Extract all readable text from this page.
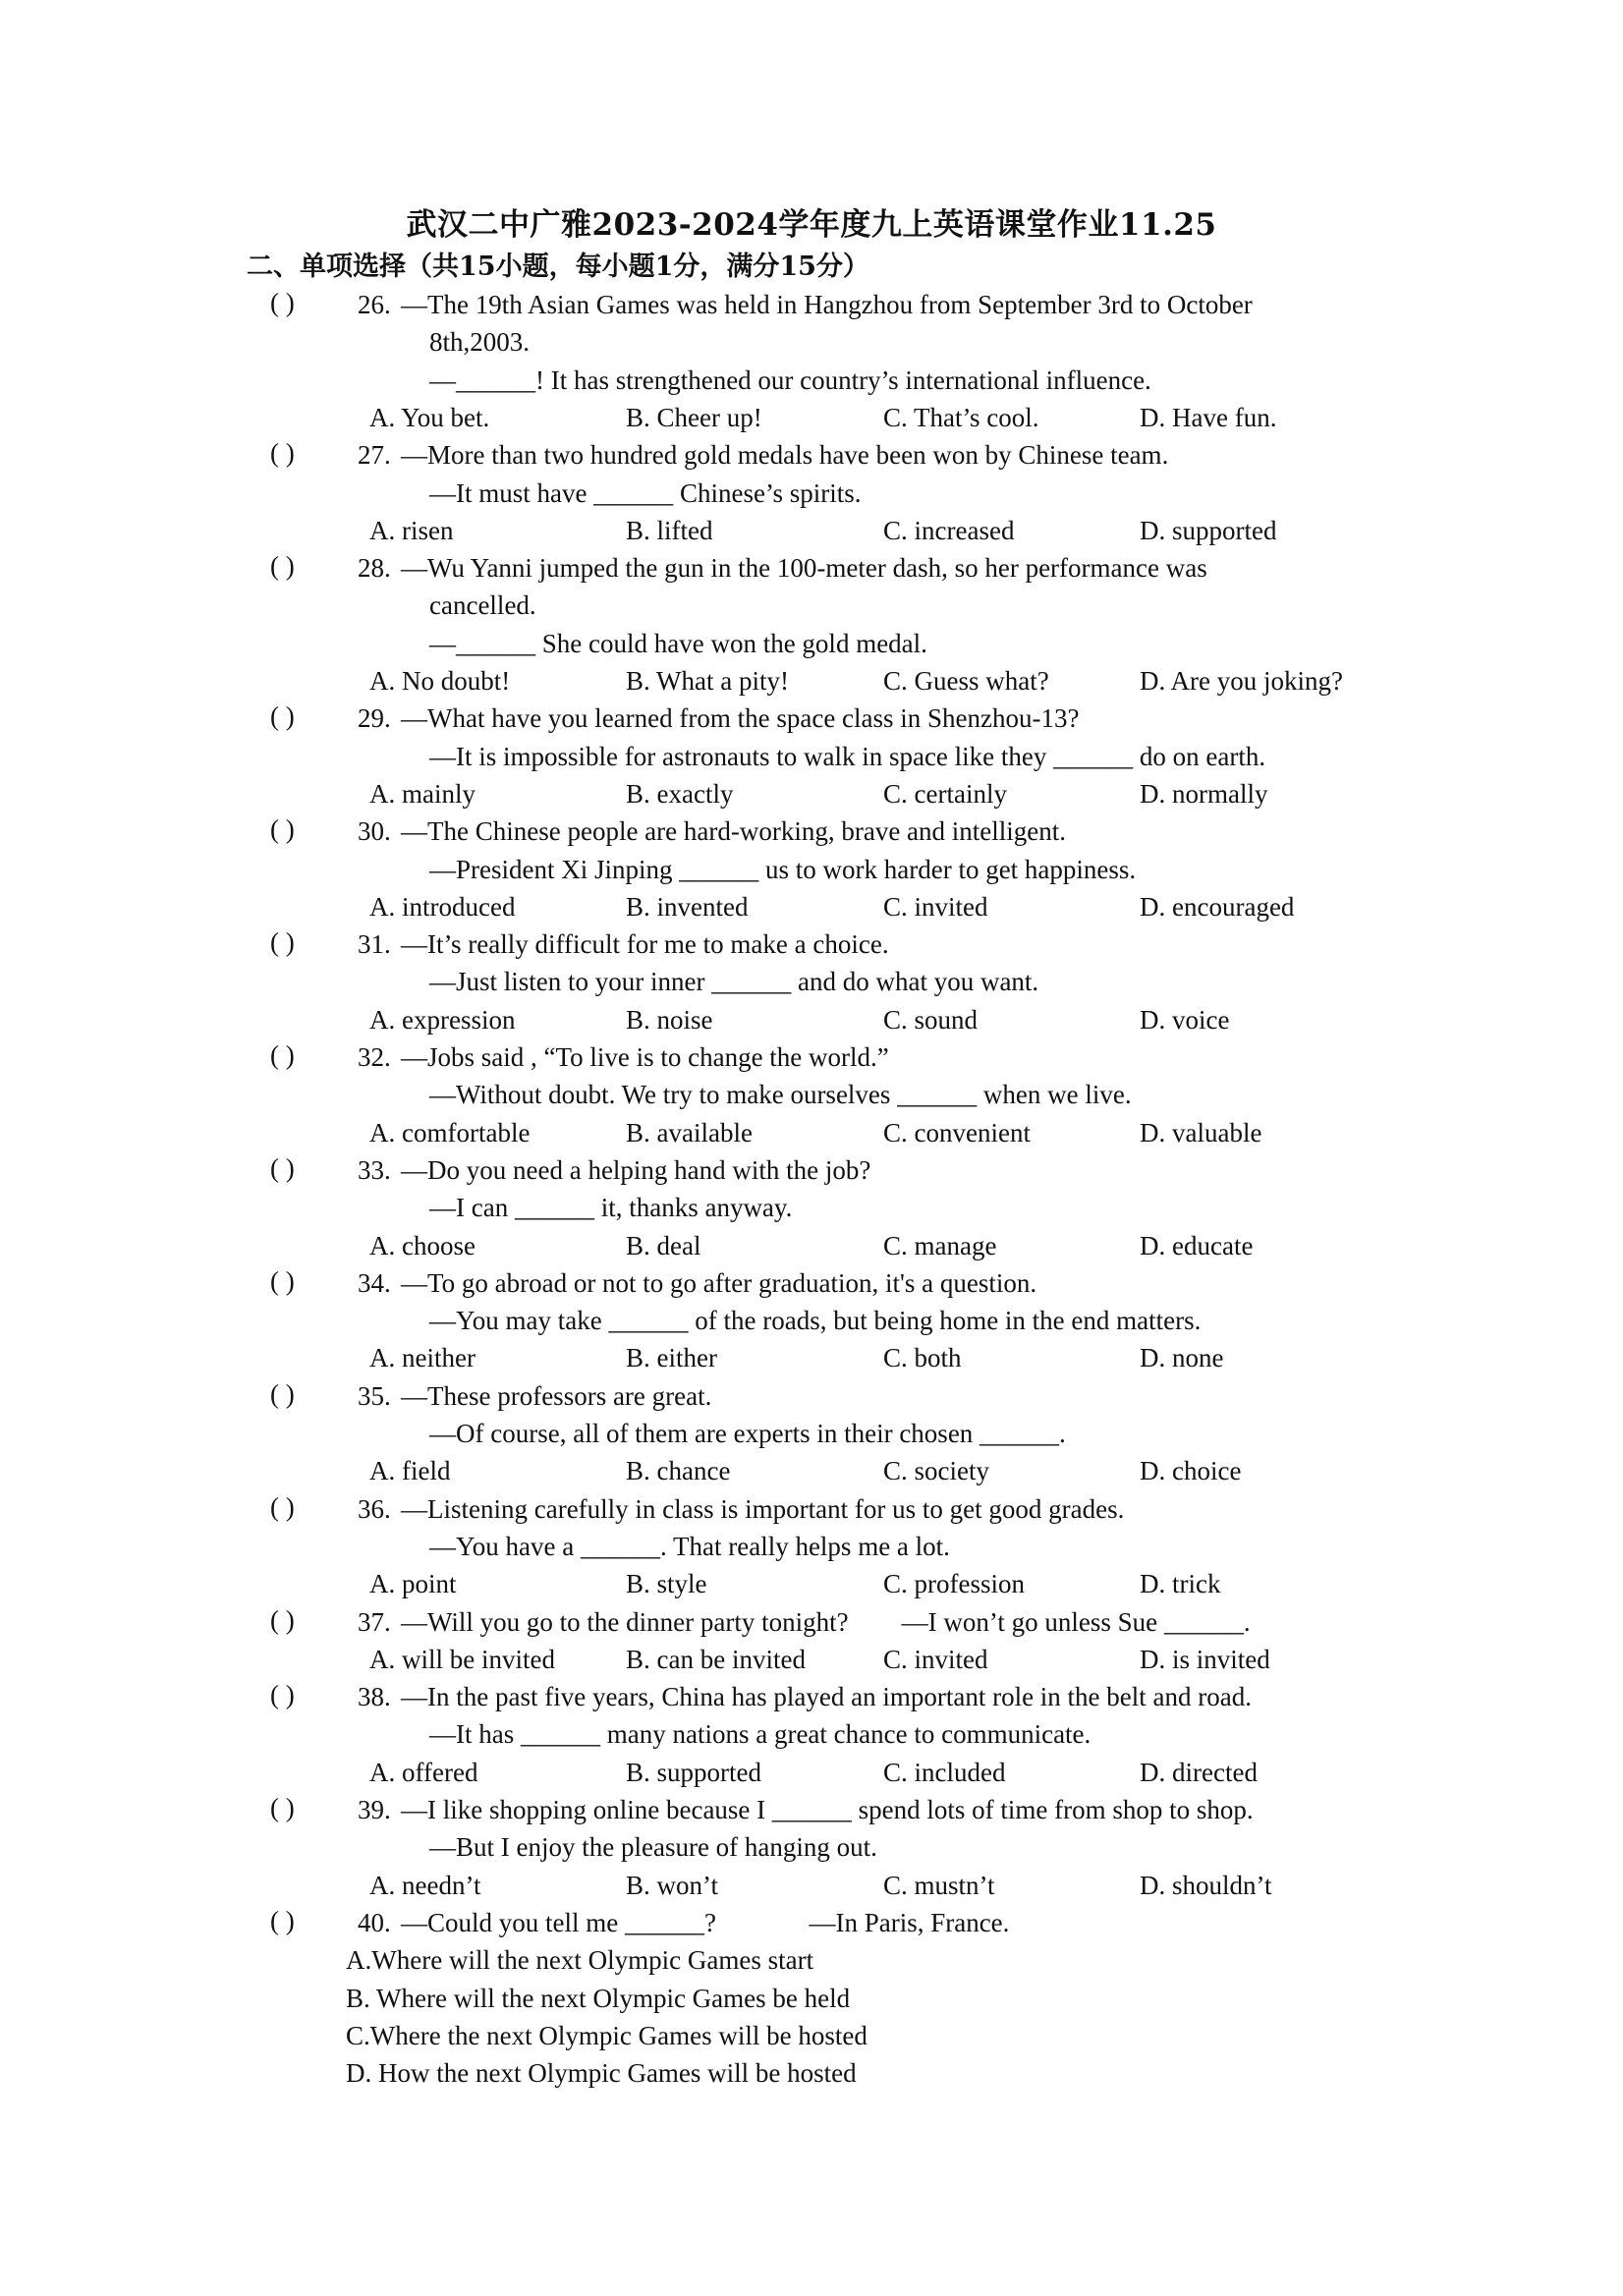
武汉二中广雅2023-2024学年度九上英语课堂作业11.25
二、单项选择（共15小题，每小题1分，满分15分）
( ) 26. —The 19th Asian Games was held in Hangzhou from September 3rd to October
8th,2003.
—______! It has strengthened our country’s international influence.
A. You bet.	B. Cheer up!	C. That’s cool.	D. Have fun.
( ) 27. —More than two hundred gold medals have been won by Chinese team.
—It must have ______ Chinese’s spirits.
A. risen	B. lifted	C. increased	D. supported
( ) 28. —Wu Yanni jumped the gun in the 100-meter dash, so her performance was
cancelled.
—______ She could have won the gold medal.
A. No doubt!	B. What a pity!	C. Guess what?	D. Are you joking?
( ) 29. —What have you learned from the space class in Shenzhou-13?
—It is impossible for astronauts to walk in space like they ______ do on earth.
A. mainly	B. exactly	C. certainly	D. normally
( ) 30. —The Chinese people are hard-working, brave and intelligent.
—President Xi Jinping ______ us to work harder to get happiness.
A. introduced	B. invented	C. invited	D. encouraged
( ) 31. —It’s really difficult for me to make a choice.
—Just listen to your inner ______ and do what you want.
A. expression	B. noise	C. sound	D. voice
( ) 32. —Jobs said , “To live is to change the world.”
—Without doubt. We try to make ourselves ______ when we live.
A. comfortable	B. available	C. convenient	D. valuable
( ) 33. —Do you need a helping hand with the job?
—I can ______ it, thanks anyway.
A. choose	B. deal	C. manage	D. educate
( ) 34. —To go abroad or not to go after graduation, it's a question.
—You may take ______ of the roads, but being home in the end matters.
A. neither	B. either	C. both	D. none
( ) 35. —These professors are great.
—Of course, all of them are experts in their chosen ______.
A. field	B. chance	C. society	D. choice
( ) 36. —Listening carefully in class is important for us to get good grades.
—You have a ______. That really helps me a lot.
A. point	B. style	C. profession	D. trick
( ) 37. —Will you go to the dinner party tonight?        —I won’t go unless Sue ______.
A. will be invited	B. can be invited	C. invited	D. is invited
( ) 38. —In the past five years, China has played an important role in the belt and road.
—It has ______ many nations a great chance to communicate.
A. offered	B. supported	C. included	D. directed
( ) 39. —I like shopping online because I ______ spend lots of time from shop to shop.
—But I enjoy the pleasure of hanging out.
A. needn’t	B. won’t	C. mustn’t	D. shouldn’t
( ) 40. —Could you tell me ______?              —In Paris, France.
A.Where will the next Olympic Games start
B. Where will the next Olympic Games be held
C.Where the next Olympic Games will be hosted
D. How the next Olympic Games will be hosted
